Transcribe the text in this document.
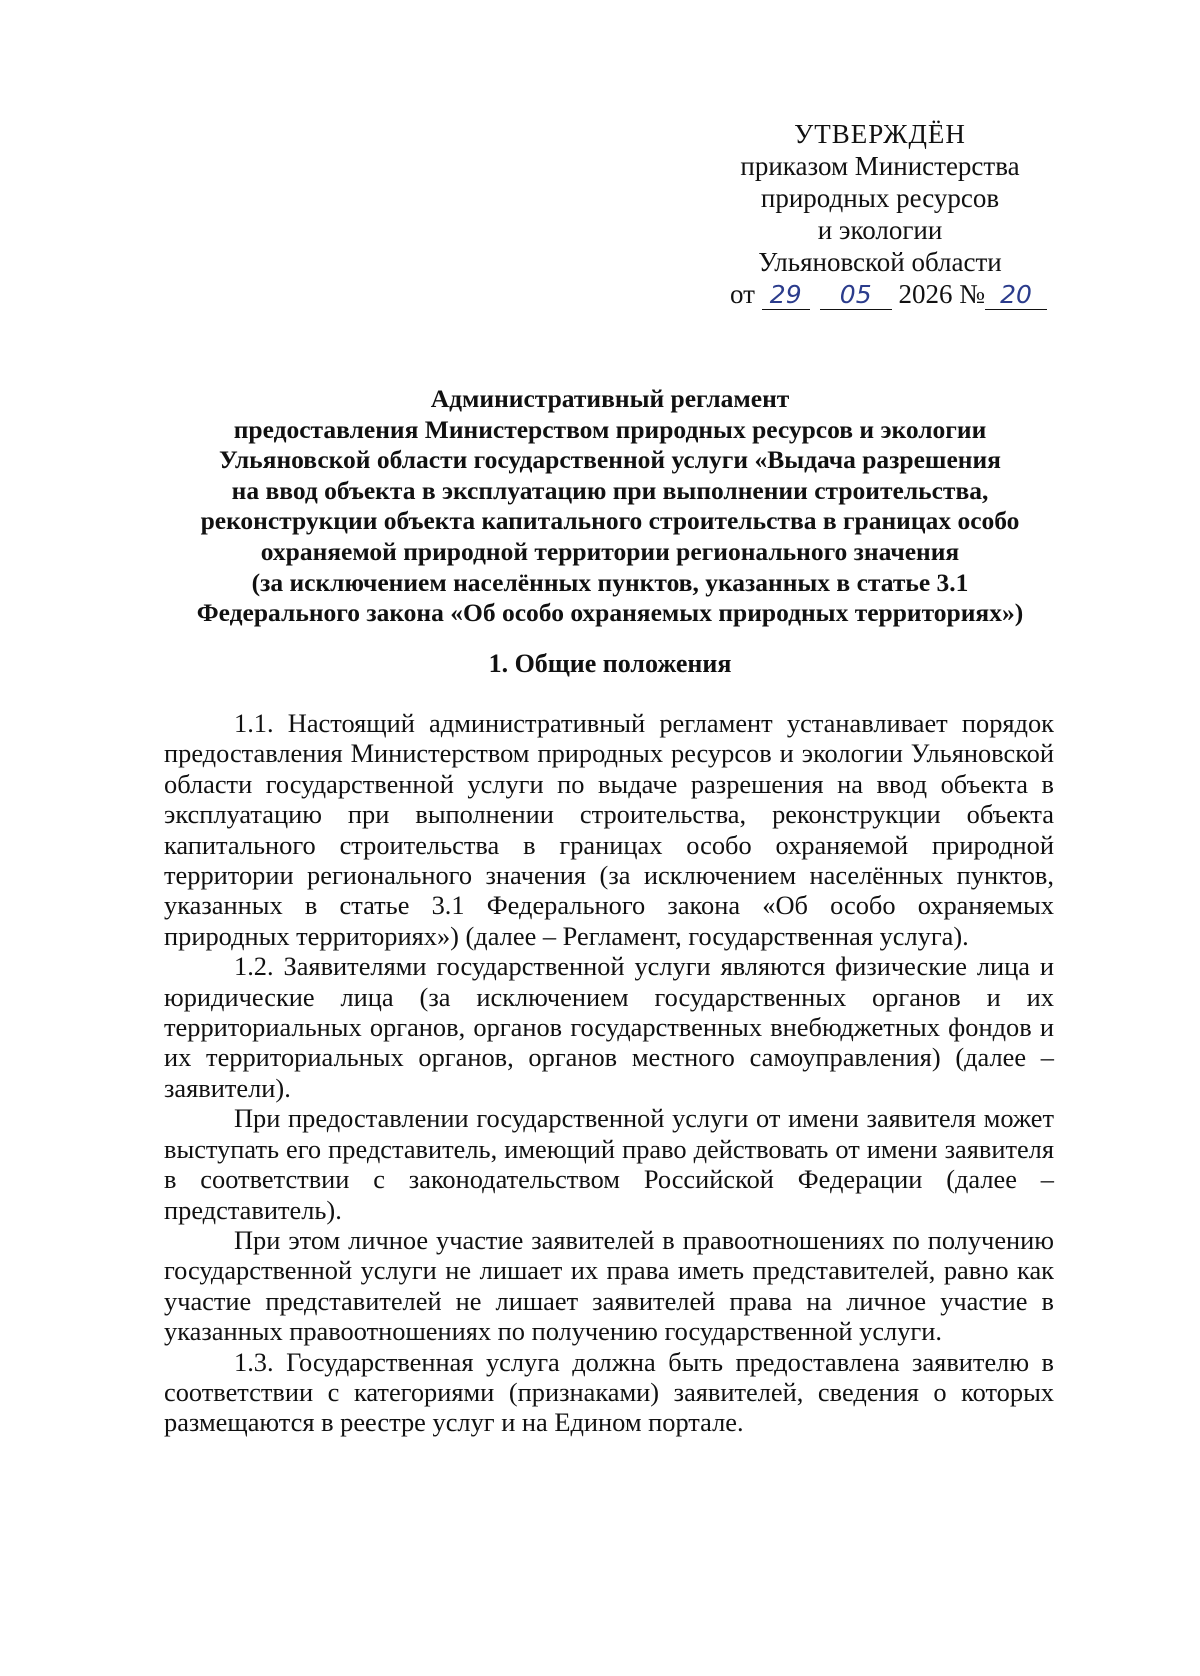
УТВЕРЖДЁН
приказом Министерства
природных ресурсов
и экологии
Ульяновской области
от 29 05 2026 № 20
Административный регламент
предоставления Министерством природных ресурсов и экологии
Ульяновской области государственной услуги «Выдача разрешения
на ввод объекта в эксплуатацию при выполнении строительства,
реконструкции объекта капитального строительства в границах особо
охраняемой природной территории регионального значения
(за исключением населённых пунктов, указанных в статье 3.1
Федерального закона «Об особо охраняемых природных территориях»)
1. Общие положения

1.1. Настоящий административный регламент устанавливает порядок предоставления Министерством природных ресурсов и экологии Ульяновской области государственной услуги по выдаче разрешения на ввод объекта в эксплуатацию при выполнении строительства, реконструкции объекта капитального строительства в границах особо охраняемой природной территории регионального значения (за исключением населённых пунктов, указанных в статье 3.1 Федерального закона «Об особо охраняемых природных территориях») (далее – Регламент, государственная услуга).

1.2. Заявителями государственной услуги являются физические лица и юридические лица (за исключением государственных органов и их территориальных органов, органов государственных внебюджетных фондов и их территориальных органов, органов местного самоуправления) (далее – заявители).

При предоставлении государственной услуги от имени заявителя может выступать его представитель, имеющий право действовать от имени заявителя в соответствии с законодательством Российской Федерации (далее – представитель).

При этом личное участие заявителей в правоотношениях по получению государственной услуги не лишает их права иметь представителей, равно как участие представителей не лишает заявителей права на личное участие в указанных правоотношениях по получению государственной услуги.

1.3. Государственная услуга должна быть предоставлена заявителю в соответствии с категориями (признаками) заявителей, сведения о которых размещаются в реестре услуг и на Едином портале.
